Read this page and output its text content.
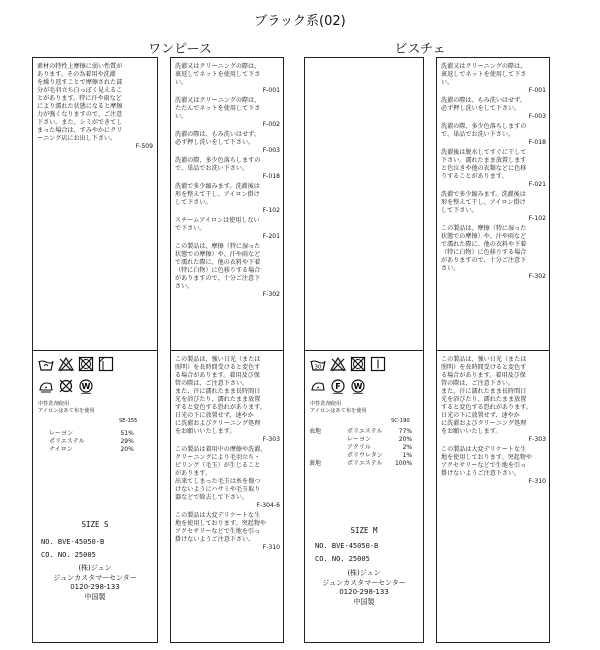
ブラック系(02)
ワンピース	ビスチェ
素材の特性上摩擦に弱い性質が
あります。その為着用や洗濯
を繰り返すことで摩擦された部
分が毛羽立ち白っぽく見えるこ
とがあります。特に汗や雨など
により濡れた状態になると摩擦
力が強くなりますので、ご注意
下さい。また、シミができてし
まった場合は、すみやかにクリ
ーニング店にお出し下さい。
F-509
W
中性洗剤使用
アイロンはあて布を使用
SE-155
レーヨン		51%
ポリエステル		29%
ナイロン		20%
SIZE S
NO. BVE-45050-B
CO. NO. 25005
(株)ジュン
ジュンカスタマーセンター
0120-298-133
中国製
洗濯又はクリーニングの際は、
裏返しでネットを使用して下さ
い。
F-001
洗濯又はクリーニングの際は、
たたんでネットを使用して下さ
い。
F-002
洗濯の際は、もみ洗いはせず、
必ず押し洗いをして下さい。
F-003
洗濯の際、多少色落ちしますの
で、単品でお洗い下さい。
F-018
洗濯で多少縮みます。洗濯後は
形を整えて干し、アイロン掛け
して下さい。
F-102
スチームアイロンは使用しない
で下さい。
F-201
この製品は、摩擦（特に湿った
状態での摩擦）や、汗や雨など
で濡れた際に、他の衣料や下着
（特に白物）に色移りする場合
がありますので、十分ご注意下
さい。
F-302
この製品は、強い日光（または
照明）を長時間受けると変色す
る場合があります。着用及び保
管の際は、ご注意下さい。
また、汗に濡れたまま長時間日
光を浴びたり、濡れたまま放置
すると変色する恐れがあります。
日光の下に放置せず、速やか
に洗濯およびクリーニング処理
をお願いいたします。
F-303
この製品は着用中の摩擦や洗濯、
クリーニングにより毛羽立ち・
ピリング（毛玉）が生じること
があります。
出来てしまった毛玉は糸を傷つ
けないようにハサミや毛玉取り
器などで除去して下さい。
F-304-6
この製品は大変デリケートな生
地を使用しております。突起物や
アクセサリーなどで生地を引っ
掛けないようご注意下さい。
F-310
30
F W
中性洗剤使用
アイロンはあて布を使用
SC-190
表地	ポリエステル	77%
	レーヨン	20%
	アクリル	2%
	ポリウレタン	1%
裏地	ポリエステル	100%
SIZE M
NO. BVE-45050-B
CO. NO. 25005
(株)ジュン
ジュンカスタマーセンター
0120-298-133
中国製
洗濯又はクリーニングの際は、
裏返しでネットを使用して下さ
い。
F-001
洗濯の際は、もみ洗いはせず、
必ず押し洗いをして下さい。
F-003
洗濯の際、多少色落ちしますの
で、単品でお洗い下さい。
F-018
洗濯後は脱水してすぐに干して
下さい。濡れたまま放置します
と色泣きや他の衣類などに色移
りすることがあります。
F-021
洗濯で多少縮みます。洗濯後は
形を整えて干し、アイロン掛け
して下さい。
F-102
この製品は、摩擦（特に湿った
状態での摩擦）や、汗や雨など
で濡れた際に、他の衣料や下着
（特に白物）に色移りする場合
がありますので、十分ご注意下
さい。
F-302
この製品は、強い日光（または
照明）を長時間受けると変色す
る場合があります。着用及び保
管の際は、ご注意下さい。
また、汗に濡れたまま長時間日
光を浴びたり、濡れたまま放置
すると変色する恐れがあります。
日光の下に放置せず、速やか
に洗濯およびクリーニング処理
をお願いいたします。
F-303
この製品は大変デリケートな生
地を使用しております。突起物や
アクセサリーなどで生地を引っ
掛けないようご注意下さい。
F-310
